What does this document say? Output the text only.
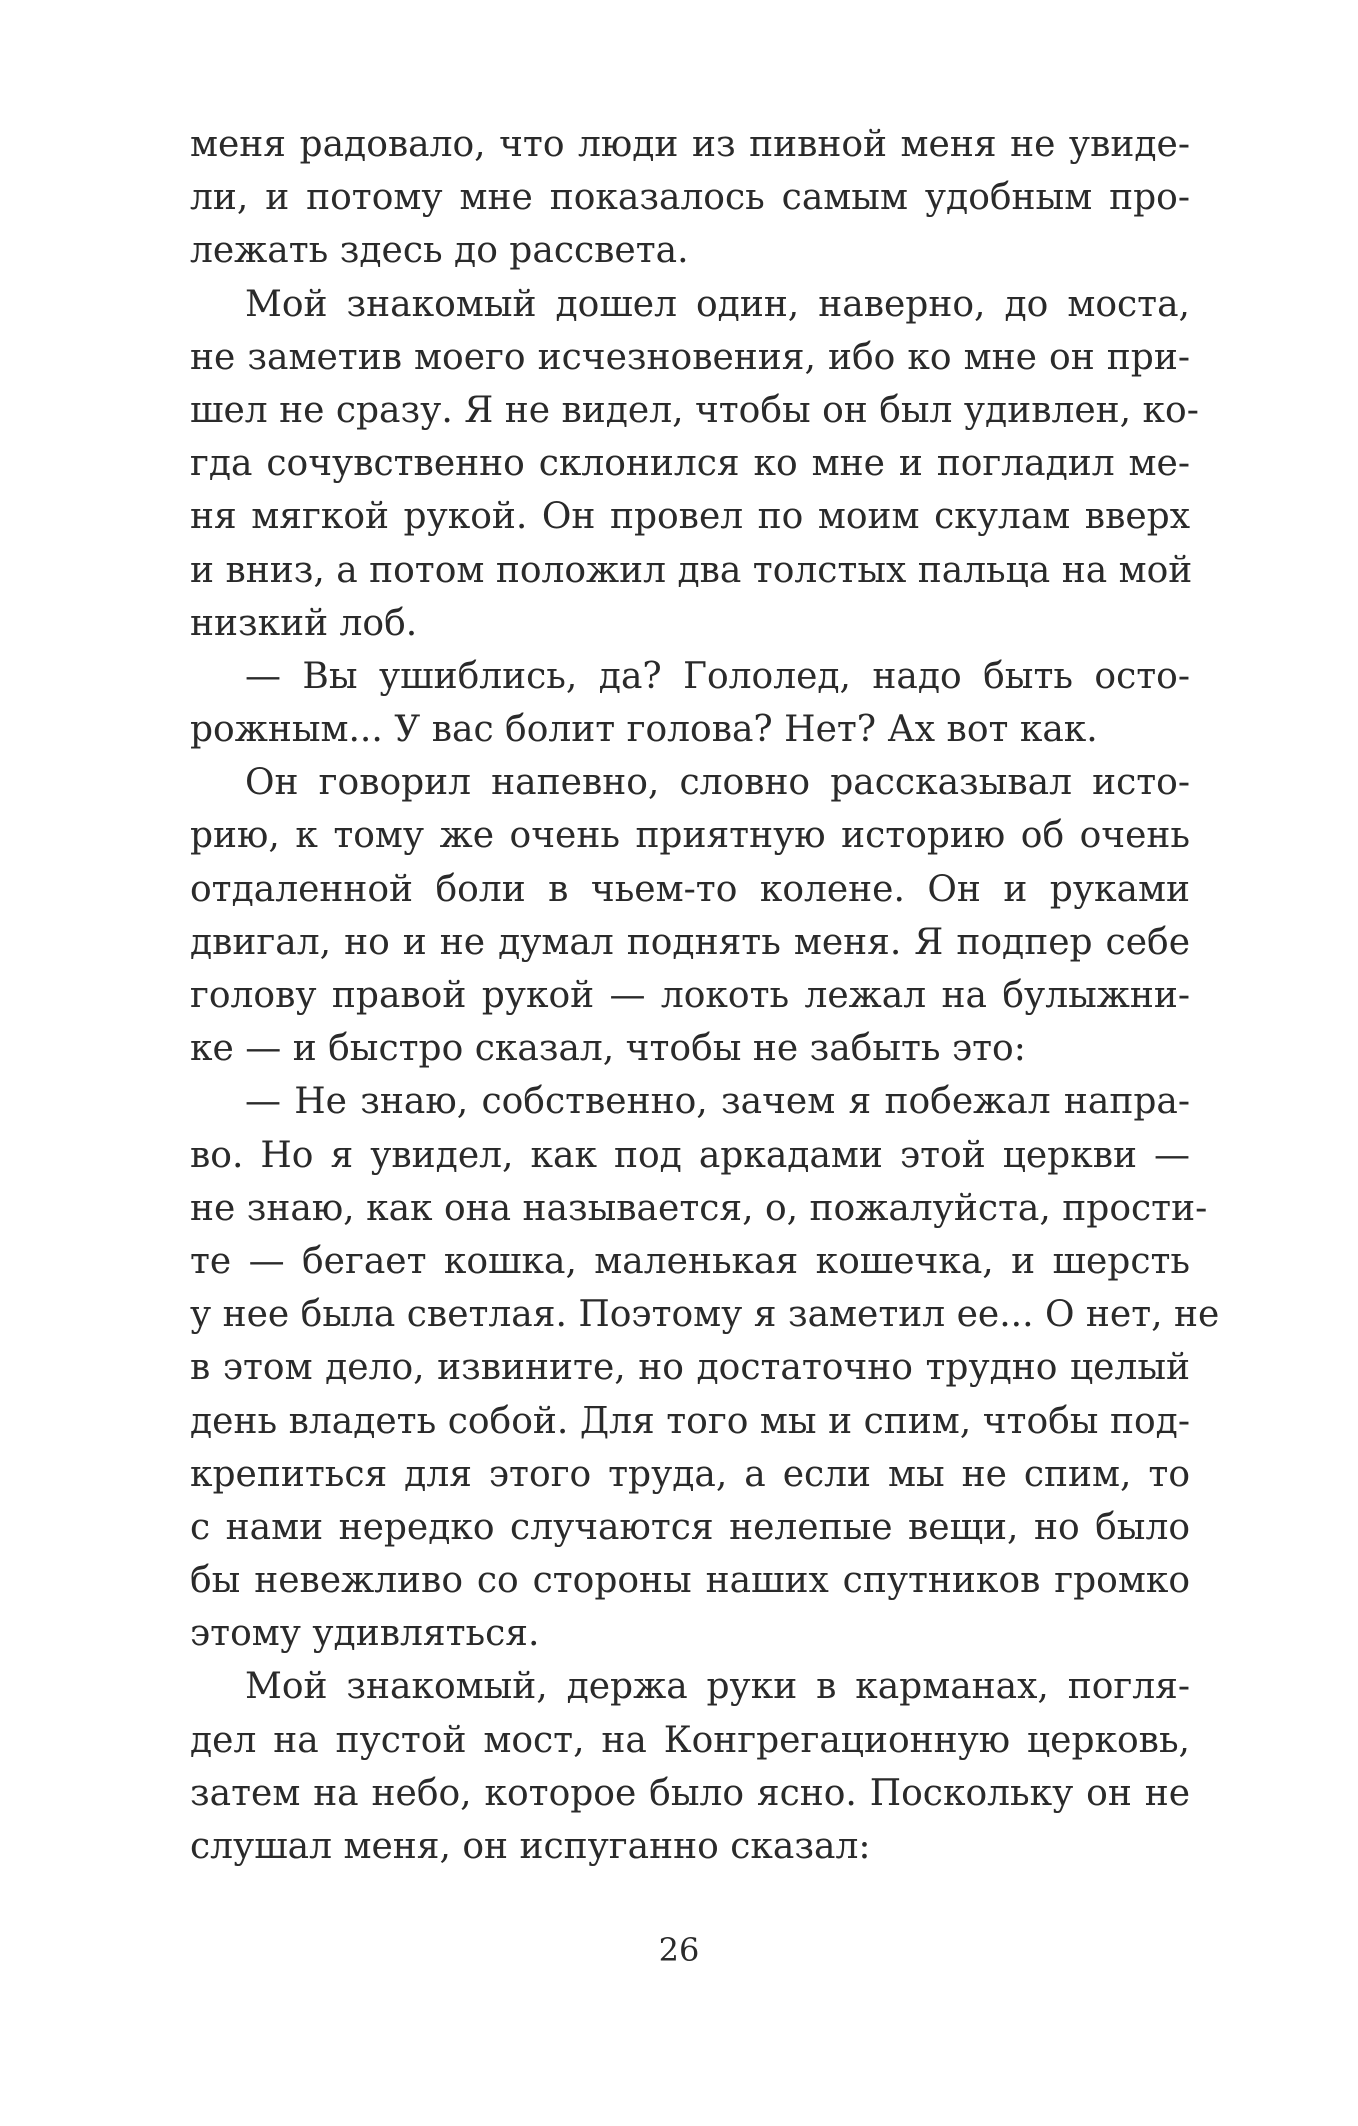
меня радовало, что люди из пивной меня не увиде-
ли, и потому мне показалось самым удобным про-
лежать здесь до рассвета.
Мой знакомый дошел один, наверно, до моста,
не заметив моего исчезновения, ибо ко мне он при-
шел не сразу. Я не видел, чтобы он был удивлен, ко-
гда сочувственно склонился ко мне и погладил ме-
ня мягкой рукой. Он провел по моим скулам вверх
и вниз, а потом положил два толстых пальца на мой
низкий лоб.
— Вы ушиблись, да? Гололед, надо быть осто-
рожным... У вас болит голова? Нет? Ах вот как.
Он говорил напевно, словно рассказывал исто-
рию, к тому же очень приятную историю об очень
отдаленной боли в чьем-то колене. Он и руками
двигал, но и не думал поднять меня. Я подпер себе
голову правой рукой — локоть лежал на булыжни-
ке — и быстро сказал, чтобы не забыть это:
— Не знаю, собственно, зачем я побежал напра-
во. Но я увидел, как под аркадами этой церкви —
не знаю, как она называется, о, пожалуйста, прости-
те — бегает кошка, маленькая кошечка, и шерсть
у нее была светлая. Поэтому я заметил ее... О нет, не
в этом дело, извините, но достаточно трудно целый
день владеть собой. Для того мы и спим, чтобы под-
крепиться для этого труда, а если мы не спим, то
с нами нередко случаются нелепые вещи, но было
бы невежливо со стороны наших спутников громко
этому удивляться.
Мой знакомый, держа руки в карманах, погля-
дел на пустой мост, на Конгрегационную церковь,
затем на небо, которое было ясно. Поскольку он не
слушал меня, он испуганно сказал:
26
